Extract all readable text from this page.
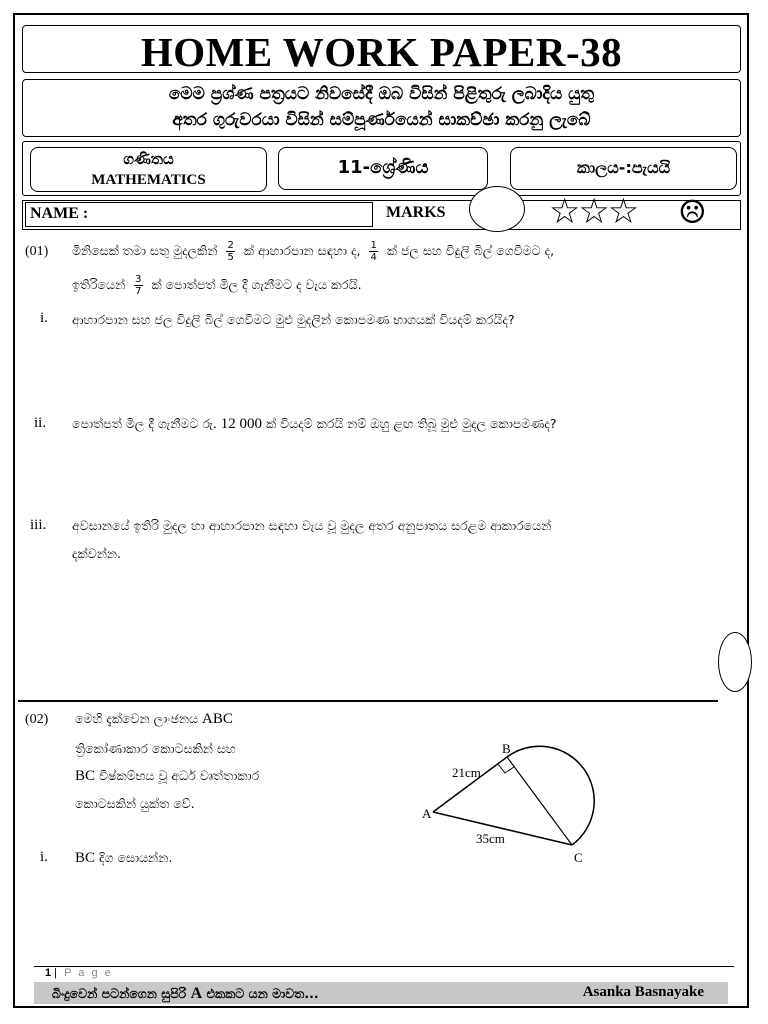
HOME WORK PAPER-38
මෙම ප්‍රශ්ණ පත්‍රයට නිවසේදී ඔබ විසින් පිළිතුරු ලබාදිය යුතු
අතර ගුරුවරයා විසින් සම්පූර්ණයෙන් සාකච්ඡා කරනු ලැබේ
ගණිතය
MATHEMATICS
11-ශ්‍රේණිය	කාලය-:පැයයි
NAME :	MARKS	☆☆☆ ☹
(01) මිනිසෙක් තමා සතු මුදලකින් $\frac{2}{5}$ ක් ආහාරපාන සඳහා ද, $\frac{1}{4}$ ක් ජල සහ විදුලි බිල් ගෙවීමට ද,
ඉතිරියෙන් $\frac{3}{7}$ ක් පොත්පත් මිල දී ගැනීමට ද වැය කරයි.
i. ආහාරපාන සහ ජල විදුලි බිල් ගෙවීමට මුළු මුදලින් කොපමණ භාගයක් වියදම් කරයිද?
ii. පොත්පත් මිල දී ගැනීමට රු. 12 000 ක් වියදම් කරයි නම් ඔහු ළඟ තිබූ මුළු මුදල කොපමණද?
iii. අවසානයේ ඉතිරි මුදල හා ආහාරපාන සඳහා වැය වූ මුදල අතර අනුපාතය සරළම ආකාරයෙන්
දක්වන්න.
(02) මෙහි දැක්වෙන ලාංඡනය ABC
ත්‍රිකෝණාකාර කොටසකින් සහ
BC විෂ්කම්භය වූ අර්ධ වෘත්තාකාර
කොටසකින් යුක්ත වේ.
i. BC දිග සොයන්න.
A
B
C
21cm
35cm
1 | P a g e
බිංදුවෙන් පටන්ගෙන සුපිරි A එකකට යන මාවත...	Asanka Basnayake
